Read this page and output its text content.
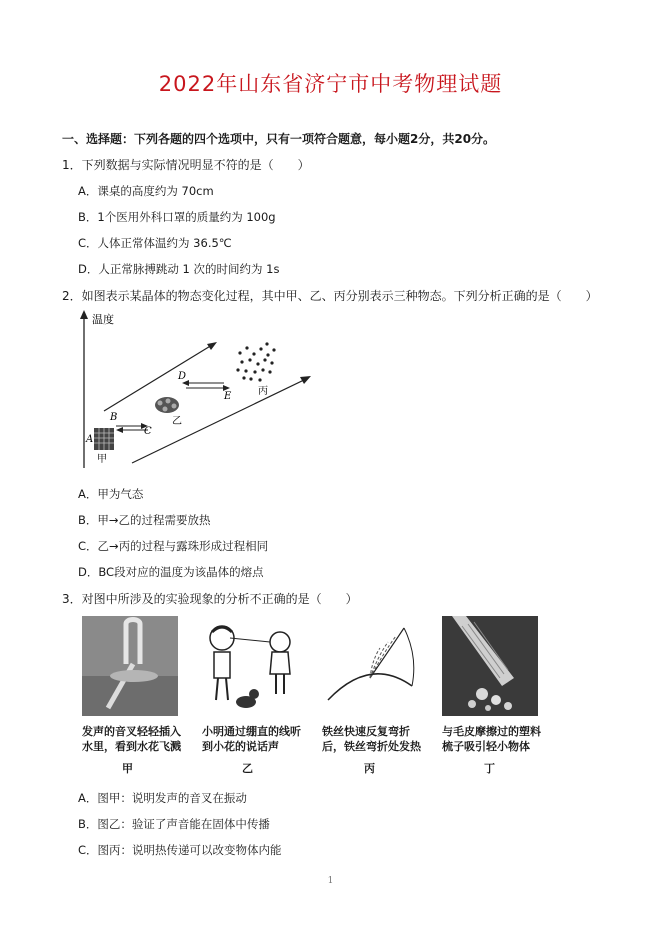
2022年山东省济宁市中考物理试题
一、选择题：下列各题的四个选项中，只有一项符合题意，每小题2分，共20分。
1．下列数据与实际情况明显不符的是（　　）
A．课桌的高度约为 70cm
B．1个医用外科口罩的质量约为 100g
C．人体正常体温约为 36.5℃
D．人正常脉搏跳动 1 次的时间约为 1s
2．如图表示某晶体的物态变化过程，其中甲、乙、丙分别表示三种物态。下列分析正确的是（　　）
温度
A
甲
B
C
乙
D
E	丙
A．甲为气态
B．甲→乙的过程需要放热
C．乙→丙的过程与露珠形成过程相同
D．BC段对应的温度为该晶体的熔点
3．对图中所涉及的实验现象的分析不正确的是（　　）
发声的音叉轻轻插入水里，看到水花飞溅
小明通过绷直的线听到小花的说话声
铁丝快速反复弯折后，铁丝弯折处发热
与毛皮摩擦过的塑料梳子吸引轻小物体
甲	乙	丙	丁
A．图甲：说明发声的音叉在振动
B．图乙：验证了声音能在固体中传播
C．图丙：说明热传递可以改变物体内能
1
